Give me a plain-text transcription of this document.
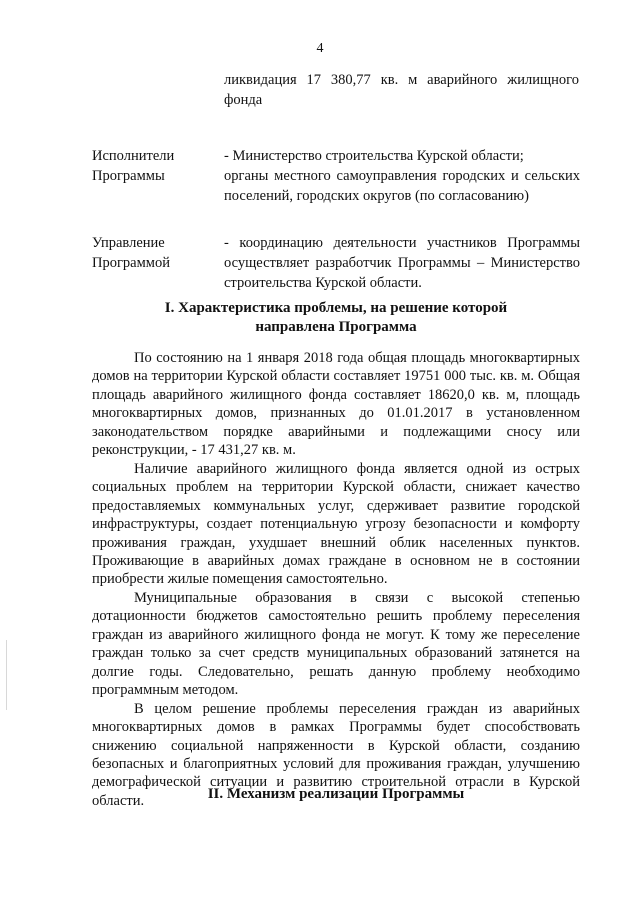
4
ликвидация 17 380,77 кв. м аварийного жилищного фонда
Исполнители
Программы

- Министерство строительства Курской области;

органы местного самоуправления городских и сельских поселений, городских округов (по согласованию)

Управление
Программой

- координацию деятельности участников Программы осуществляет разработчик Программы – Министерство строительства Курской области.

I. Характеристика проблемы, на решение которой
направлена Программа

По состоянию на 1 января 2018 года общая площадь многоквартирных домов на территории Курской области составляет 19751 000 тыс. кв. м. Общая площадь аварийного жилищного фонда составляет 18620,0 кв. м, площадь многоквартирных домов, признанных до 01.01.2017 в установленном законодательством порядке аварийными и подлежащими сносу или реконструкции, - 17 431,27 кв. м.

Наличие аварийного жилищного фонда является одной из острых социальных проблем на территории Курской области, снижает качество предоставляемых коммунальных услуг, сдерживает развитие городской инфраструктуры, создает потенциальную угрозу безопасности и комфорту проживания граждан, ухудшает внешний облик населенных пунктов. Проживающие в аварийных домах граждане в основном не в состоянии приобрести жилые помещения самостоятельно.

Муниципальные образования в связи с высокой степенью дотационности бюджетов самостоятельно решить проблему переселения граждан из аварийного жилищного фонда не могут. К тому же переселение граждан только за счет средств муниципальных образований затянется на долгие годы. Следовательно, решать данную проблему необходимо программным методом.

В целом решение проблемы переселения граждан из аварийных многоквартирных домов в рамках Программы будет способствовать снижению социальной напряженности в Курской области, созданию безопасных и благоприятных условий для проживания граждан, улучшению демографической ситуации и развитию строительной отрасли в Курской области.	II. Механизм реализации Программы
